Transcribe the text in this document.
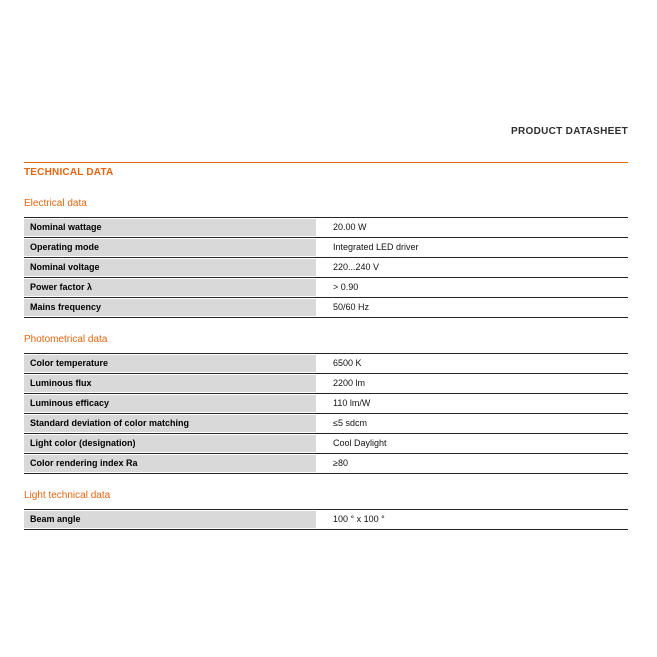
PRODUCT DATASHEET
TECHNICAL DATA
Electrical data
Nominal wattage	20.00 W
Operating mode	Integrated LED driver
Nominal voltage	220...240 V
Power factor λ	> 0.90
Mains frequency	50/60 Hz
Photometrical data
Color temperature	6500 K
Luminous flux	2200 lm
Luminous efficacy	110 lm/W
Standard deviation of color matching	≤5 sdcm
Light color (designation)	Cool Daylight
Color rendering index Ra	≥80
Light technical data
Beam angle	100 ° x 100 °
